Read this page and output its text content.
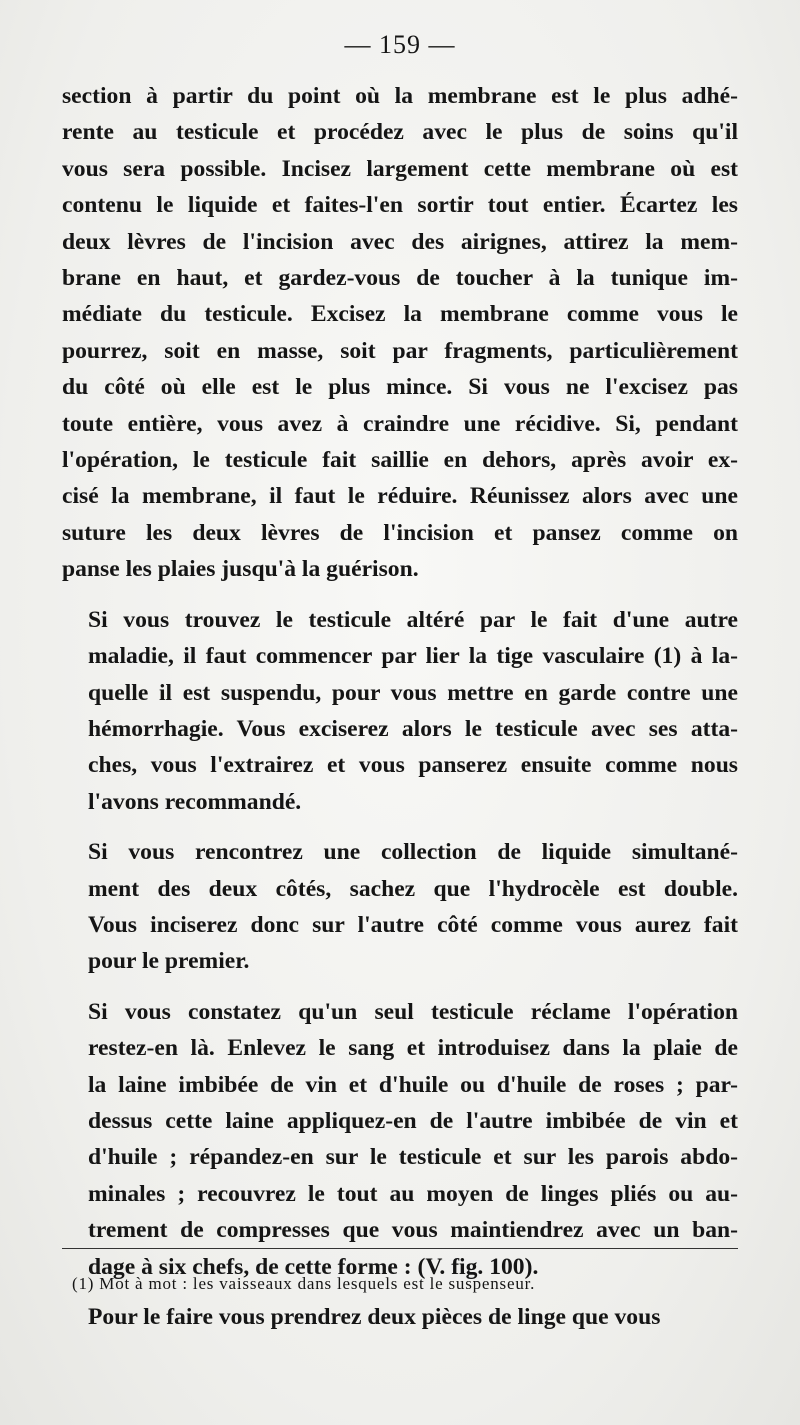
— 159 —
section à partir du point où la membrane est le plus adhé-
rente au testicule et procédez avec le plus de soins qu'il
vous sera possible. Incisez largement cette membrane où est
contenu le liquide et faites-l'en sortir tout entier. Écartez les
deux lèvres de l'incision avec des airignes, attirez la mem-
brane en haut, et gardez-vous de toucher à la tunique im-
médiate du testicule. Excisez la membrane comme vous le
pourrez, soit en masse, soit par fragments, particulièrement
du côté où elle est le plus mince. Si vous ne l'excisez pas
toute entière, vous avez à craindre une récidive. Si, pendant
l'opération, le testicule fait saillie en dehors, après avoir ex-
cisé la membrane, il faut le réduire. Réunissez alors avec une
suture les deux lèvres de l'incision et pansez comme on
panse les plaies jusqu'à la guérison.
Si vous trouvez le testicule altéré par le fait d'une autre
maladie, il faut commencer par lier la tige vasculaire (1) à la-
quelle il est suspendu, pour vous mettre en garde contre une
hémorrhagie. Vous exciserez alors le testicule avec ses atta-
ches, vous l'extrairez et vous panserez ensuite comme nous
l'avons recommandé.
Si vous rencontrez une collection de liquide simultané-
ment des deux côtés, sachez que l'hydrocèle est double.
Vous inciserez donc sur l'autre côté comme vous aurez fait
pour le premier.
Si vous constatez qu'un seul testicule réclame l'opération
restez-en là. Enlevez le sang et introduisez dans la plaie de
la laine imbibée de vin et d'huile ou d'huile de roses ; par-
dessus cette laine appliquez-en de l'autre imbibée de vin et
d'huile ; répandez-en sur le testicule et sur les parois abdo-
minales ; recouvrez le tout au moyen de linges pliés ou au-
trement de compresses que vous maintiendrez avec un ban-
dage à six chefs, de cette forme : (V. fig. 100).
Pour le faire vous prendrez deux pièces de linge que vous
(1) Mot à mot : les vaisseaux dans lesquels est le suspenseur.
